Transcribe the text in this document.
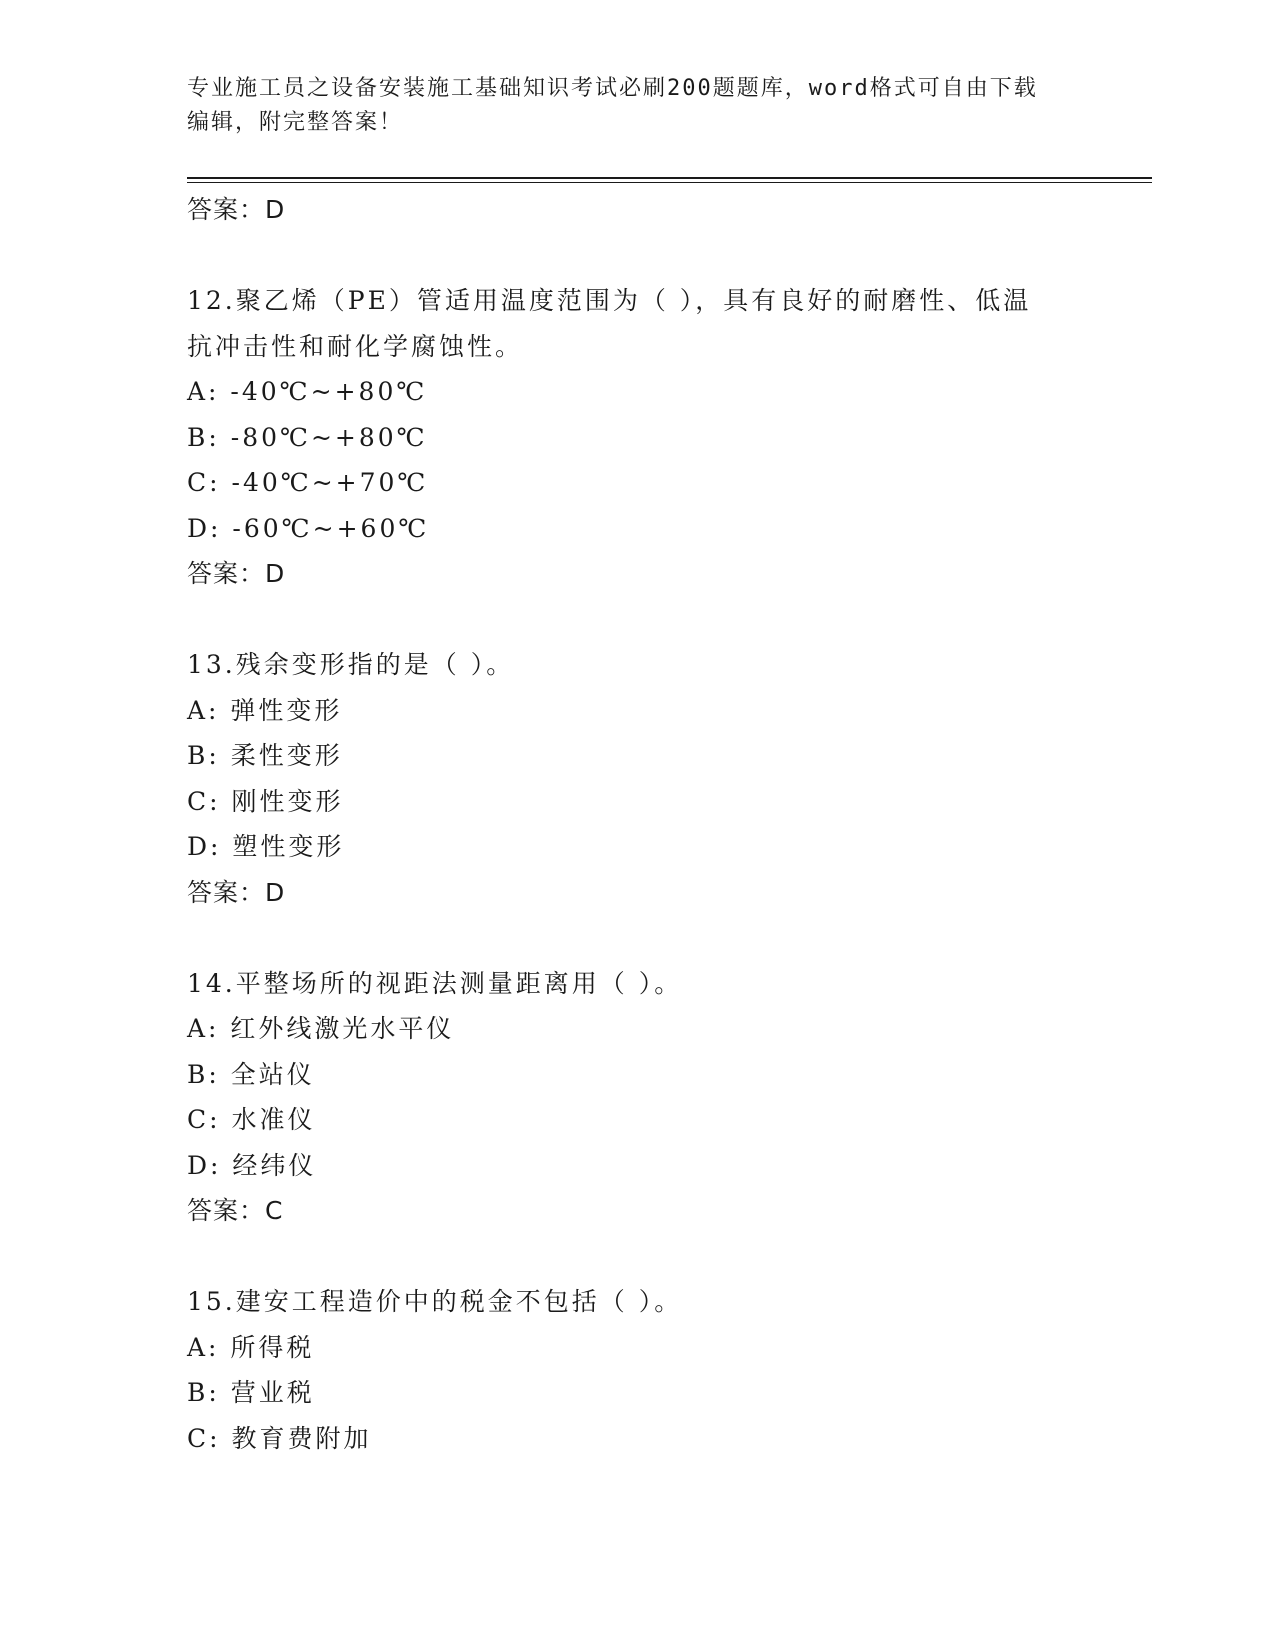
专业施工员之设备安装施工基础知识考试必刷200题题库，word格式可自由下载
编辑，附完整答案！
答案：D
12.聚乙烯（PE）管适用温度范围为（ ），具有良好的耐磨性、低温
抗冲击性和耐化学腐蚀性。
A: -40℃~+80℃
B: -80℃~+80℃
C: -40℃~+70℃
D: -60℃~+60℃
答案：D
13.残余变形指的是（ ）。
A: 弹性变形
B: 柔性变形
C: 刚性变形
D: 塑性变形
答案：D
14.平整场所的视距法测量距离用（ ）。
A: 红外线激光水平仪
B: 全站仪
C: 水准仪
D: 经纬仪
答案：C
15.建安工程造价中的税金不包括（ ）。
A: 所得税
B: 营业税
C: 教育费附加
